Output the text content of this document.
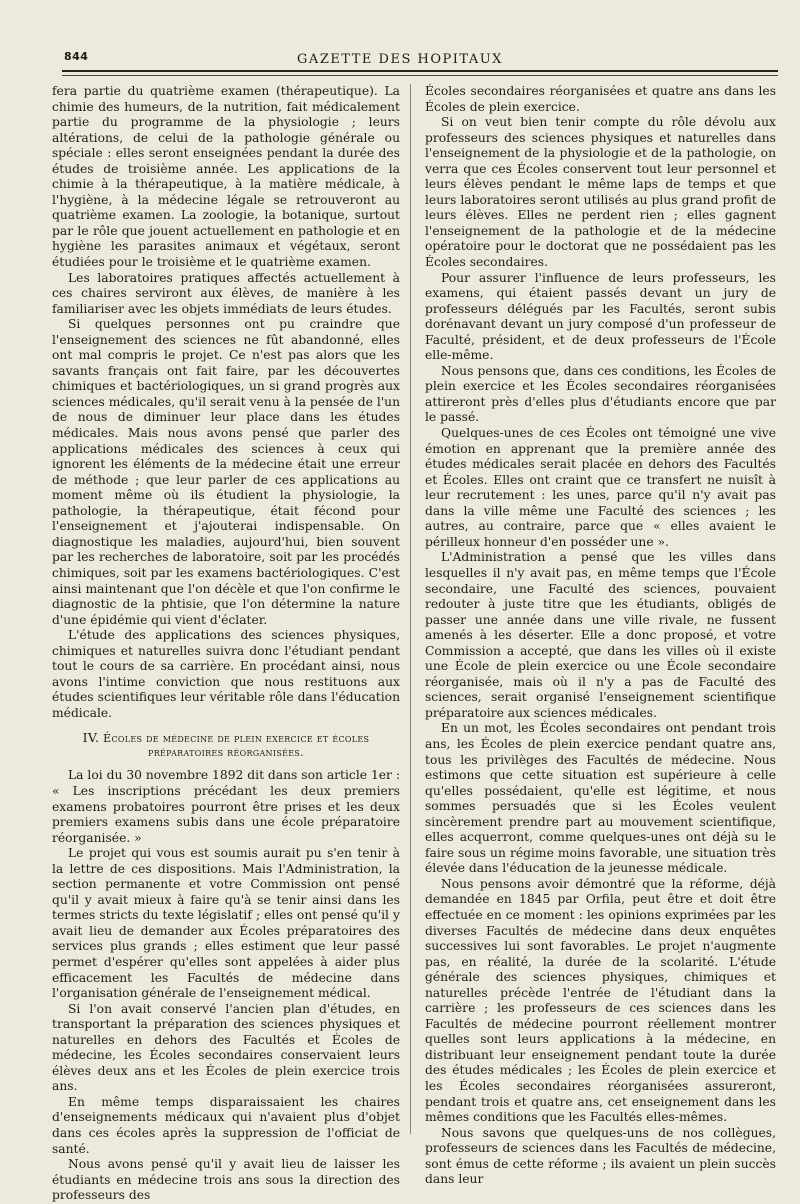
844	GAZETTE DES HOPITAUX

fera partie du quatrième examen (thérapeutique). La chimie des humeurs, de la nutrition, fait médicalement partie du programme de la physiologie ; leurs altérations, de celui de la pathologie générale ou spéciale : elles seront enseignées pendant la durée des études de troisième année. Les applications de la chimie à la thérapeutique, à la matière médicale, à l'hygiène, à la médecine légale se retrouveront au quatrième examen. La zoologie, la botanique, surtout par le rôle que jouent actuellement en pathologie et en hygiène les parasites animaux et végétaux, seront étudiées pour le troisième et le quatrième examen.

Les laboratoires pratiques affectés actuellement à ces chaires serviront aux élèves, de manière à les familiariser avec les objets immédiats de leurs études.

Si quelques personnes ont pu craindre que l'enseignement des sciences ne fût abandonné, elles ont mal compris le projet. Ce n'est pas alors que les savants français ont fait faire, par les découvertes chimiques et bactériologiques, un si grand progrès aux sciences médicales, qu'il serait venu à la pensée de l'un de nous de diminuer leur place dans les études médicales. Mais nous avons pensé que parler des applications médicales des sciences à ceux qui ignorent les éléments de la médecine était une erreur de méthode ; que leur parler de ces applications au moment même où ils étudient la physiologie, la pathologie, la thérapeutique, était fécond pour l'enseignement et j'ajouterai indispensable. On diagnostique les maladies, aujourd'hui, bien souvent par les recherches de laboratoire, soit par les procédés chimiques, soit par les examens bactériologiques. C'est ainsi maintenant que l'on décèle et que l'on confirme le diagnostic de la phtisie, que l'on détermine la nature d'une épidémie qui vient d'éclater.

L'étude des applications des sciences physiques, chimiques et naturelles suivra donc l'étudiant pendant tout le cours de sa carrière. En procédant ainsi, nous avons l'intime conviction que nous restituons aux études scientifiques leur véritable rôle dans l'éducation médicale.

IV. Écoles de médecine de plein exercice et écoles
préparatoires réorganisées.

La loi du 30 novembre 1892 dit dans son article 1er : « Les inscriptions précédant les deux premiers examens probatoires pourront être prises et les deux premiers examens subis dans une école préparatoire réorganisée. »

Le projet qui vous est soumis aurait pu s'en tenir à la lettre de ces dispositions. Mais l'Administration, la section permanente et votre Commission ont pensé qu'il y avait mieux à faire qu'à se tenir ainsi dans les termes stricts du texte législatif ; elles ont pensé qu'il y avait lieu de demander aux Écoles préparatoires des services plus grands ; elles estiment que leur passé permet d'espérer qu'elles sont appelées à aider plus efficacement les Facultés de médecine dans l'organisation générale de l'enseignement médical.

Si l'on avait conservé l'ancien plan d'études, en transportant la préparation des sciences physiques et naturelles en dehors des Facultés et Écoles de médecine, les Écoles secondaires conservaient leurs élèves deux ans et les Écoles de plein exercice trois ans.

En même temps disparaissaient les chaires d'enseignements médicaux qui n'avaient plus d'objet dans ces écoles après la suppression de l'officiat de santé.

Nous avons pensé qu'il y avait lieu de laisser les étudiants en médecine trois ans sous la direction des professeurs des

Écoles secondaires réorganisées et quatre ans dans les Écoles de plein exercice.

Si on veut bien tenir compte du rôle dévolu aux professeurs des sciences physiques et naturelles dans l'enseignement de la physiologie et de la pathologie, on verra que ces Écoles conservent tout leur personnel et leurs élèves pendant le même laps de temps et que leurs laboratoires seront utilisés au plus grand profit de leurs élèves. Elles ne perdent rien ; elles gagnent l'enseignement de la pathologie et de la médecine opératoire pour le doctorat que ne possédaient pas les Écoles secondaires.

Pour assurer l'influence de leurs professeurs, les examens, qui étaient passés devant un jury de professeurs délégués par les Facultés, seront subis dorénavant devant un jury composé d'un professeur de Faculté, président, et de deux professeurs de l'École elle-même.

Nous pensons que, dans ces conditions, les Écoles de plein exercice et les Écoles secondaires réorganisées attireront près d'elles plus d'étudiants encore que par le passé.

Quelques-unes de ces Écoles ont témoigné une vive émotion en apprenant que la première année des études médicales serait placée en dehors des Facultés et Écoles. Elles ont craint que ce transfert ne nuisît à leur recrutement : les unes, parce qu'il n'y avait pas dans la ville même une Faculté des sciences ; les autres, au contraire, parce que « elles avaient le périlleux honneur d'en posséder une ».

L'Administration a pensé que les villes dans lesquelles il n'y avait pas, en même temps que l'École secondaire, une Faculté des sciences, pouvaient redouter à juste titre que les étudiants, obligés de passer une année dans une ville rivale, ne fussent amenés à les déserter. Elle a donc proposé, et votre Commission a accepté, que dans les villes où il existe une École de plein exercice ou une École secondaire réorganisée, mais où il n'y a pas de Faculté des sciences, serait organisé l'enseignement scientifique préparatoire aux sciences médicales.

En un mot, les Écoles secondaires ont pendant trois ans, les Écoles de plein exercice pendant quatre ans, tous les privilèges des Facultés de médecine. Nous estimons que cette situation est supérieure à celle qu'elles possédaient, qu'elle est légitime, et nous sommes persuadés que si les Écoles veulent sincèrement prendre part au mouvement scientifique, elles acquerront, comme quelques-unes ont déjà su le faire sous un régime moins favorable, une situation très élevée dans l'éducation de la jeunesse médicale.

Nous pensons avoir démontré que la réforme, déjà demandée en 1845 par Orfila, peut être et doit être effectuée en ce moment : les opinions exprimées par les diverses Facultés de médecine dans deux enquêtes successives lui sont favorables. Le projet n'augmente pas, en réalité, la durée de la scolarité. L'étude générale des sciences physiques, chimiques et naturelles précède l'entrée de l'étudiant dans la carrière ; les professeurs de ces sciences dans les Facultés de médecine pourront réellement montrer quelles sont leurs applications à la médecine, en distribuant leur enseignement pendant toute la durée des études médicales ; les Écoles de plein exercice et les Écoles secondaires réorganisées assureront, pendant trois et quatre ans, cet enseignement dans les mêmes conditions que les Facultés elles-mêmes.

Nous savons que quelques-uns de nos collègues, professeurs de sciences dans les Facultés de médecine, sont émus de cette réforme ; ils avaient un plein succès dans leur
